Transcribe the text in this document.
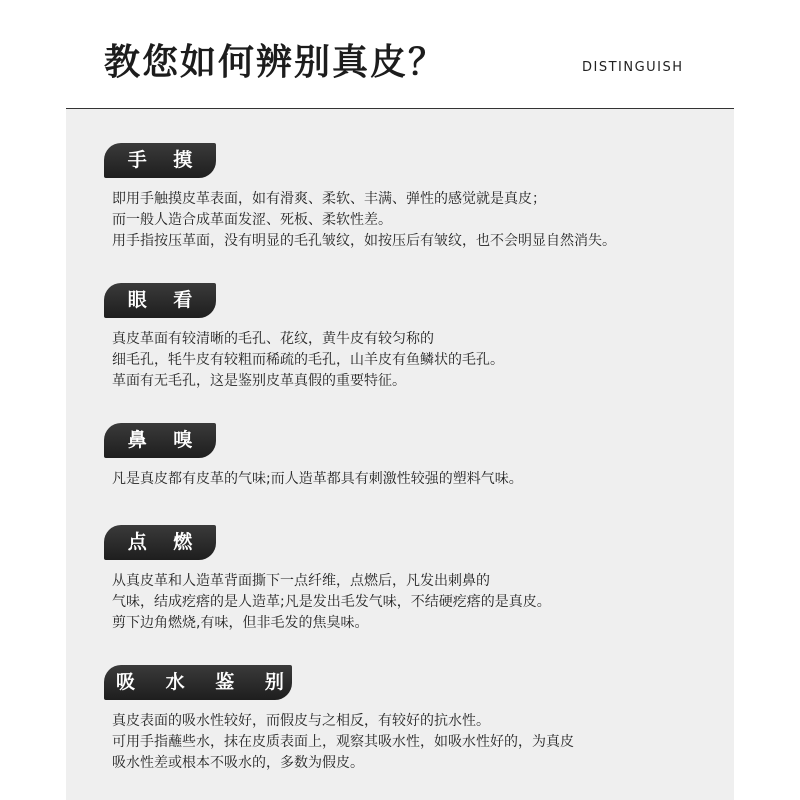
教您如何辨别真皮？	DISTINGUISH
手 摸
即用手触摸皮革表面，如有滑爽、柔软、丰满、弹性的感觉就是真皮；
而一般人造合成革面发涩、死板、柔软性差。
用手指按压革面，没有明显的毛孔皱纹，如按压后有皱纹，也不会明显自然消失。
眼 看
真皮革面有较清晰的毛孔、花纹，黄牛皮有较匀称的
细毛孔，牦牛皮有较粗而稀疏的毛孔，山羊皮有鱼鳞状的毛孔。
革面有无毛孔，这是鉴别皮革真假的重要特征。
鼻 嗅
凡是真皮都有皮革的气味;而人造革都具有刺激性较强的塑料气味。
点 燃
从真皮革和人造革背面撕下一点纤维，点燃后，凡发出刺鼻的
气味，结成疙瘩的是人造革;凡是发出毛发气味，不结硬疙瘩的是真皮。
剪下边角燃烧,有味，但非毛发的焦臭味。
吸 水 鉴 别
真皮表面的吸水性较好，而假皮与之相反，有较好的抗水性。
可用手指蘸些水，抹在皮质表面上，观察其吸水性，如吸水性好的，为真皮
吸水性差或根本不吸水的，多数为假皮。
